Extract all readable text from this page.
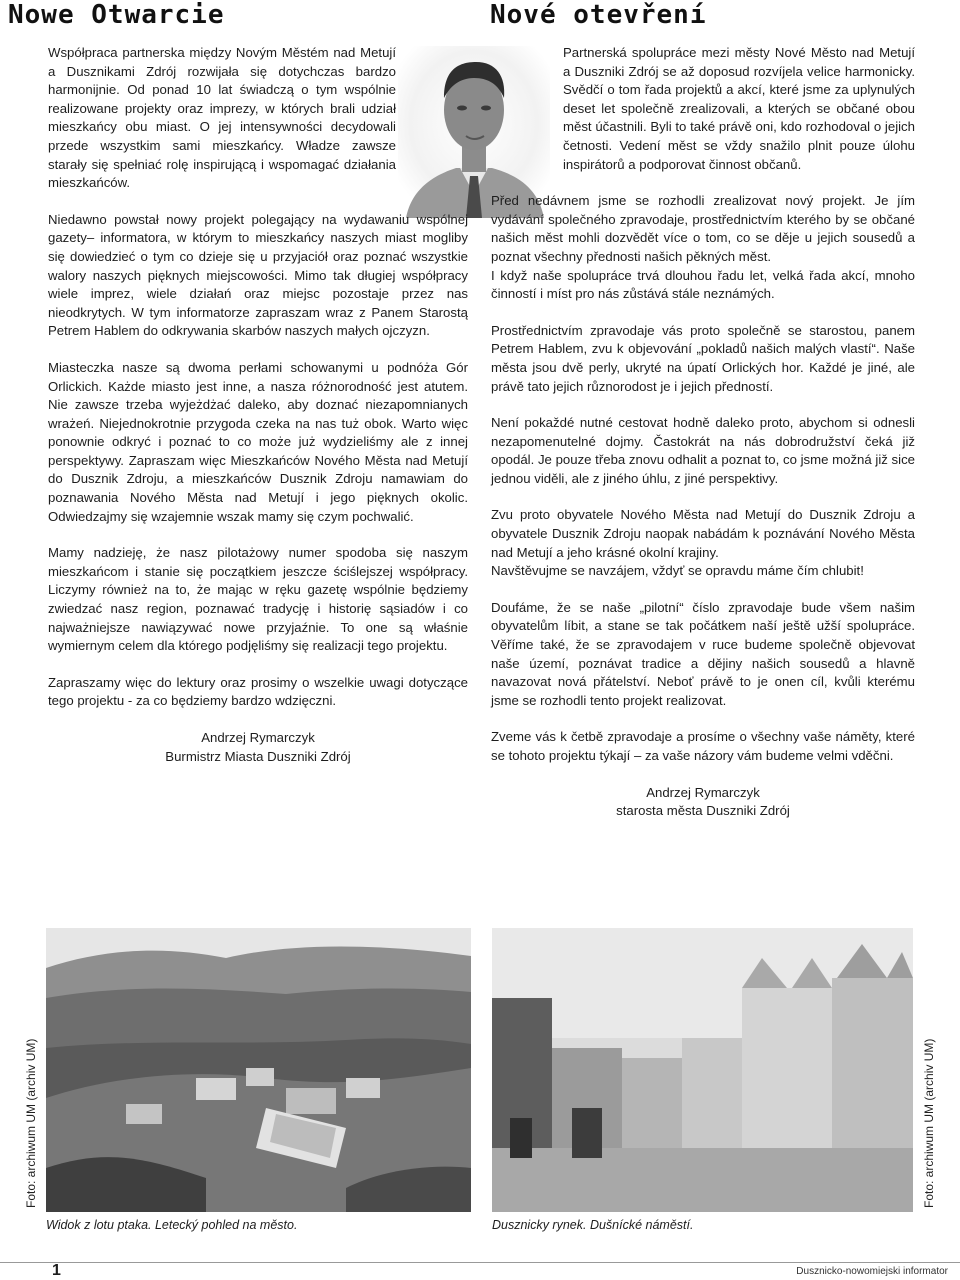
Nowe Otwarcie	Nové otevření

Współpraca partnerska między Novým Městém nad Metují a Dusznikami Zdrój rozwijała się dotychczas bardzo harmonijnie. Od ponad 10 lat świadczą o tym wspólnie realizowane projekty oraz imprezy, w których brali udział mieszkańcy obu miast. O jej intensywności decydowali przede wszystkim sami mieszkańcy. Władze zawsze starały się spełniać rolę inspirującą i wspomagać działania mieszkańców.

Niedawno powstał nowy projekt polegający na wydawaniu wspólnej gazety– informatora, w którym to mieszkańcy naszych miast mogliby się dowiedzieć o tym co dzieje się u przyjaciół oraz poznać wszystkie walory naszych pięknych miejscowości. Mimo tak długiej współpracy wiele imprez, wiele działań oraz miejsc pozostaje przez nas nieodkrytych. W tym informatorze zapraszam wraz z Panem Starostą Petrem Hablem do odkrywania skarbów naszych małych ojczyzn.

Miasteczka nasze są dwoma perłami schowanymi u podnóża Gór Orlickich. Każde miasto jest inne, a nasza różnorodność jest atutem. Nie zawsze trzeba wyjeżdżać daleko, aby doznać niezapomnianych wrażeń. Niejednokrotnie przygoda czeka na nas tuż obok. Warto więc ponownie odkryć i poznać to co może już wydzieliśmy ale z innej perspektywy. Zapraszam więc Mieszkańców Nového Města nad Metují do Dusznik Zdroju, a mieszkańców Dusznik Zdroju namawiam do poznawania Nového Města nad Metují i jego pięknych okolic. Odwiedzajmy się wzajemnie wszak mamy się czym pochwalić.

Mamy nadzieję, że nasz pilotażowy numer spodoba się naszym mieszkańcom i stanie się początkiem jeszcze ściślejszej współpracy. Liczymy również na to, że mając w ręku gazetę wspólnie będziemy zwiedzać nasz region, poznawać tradycję i historię sąsiadów i co najważniejsze nawiązywać nowe przyjaźnie. To one są właśnie wymiernym celem dla którego podjęliśmy się realizacji tego projektu.

Zapraszamy więc do lektury oraz prosimy o wszelkie uwagi dotyczące tego projektu - za co będziemy bardzo wdzięczni.

Andrzej Rymarczyk
Burmistrz Miasta Duszniki Zdrój

Partnerská spolupráce mezi městy Nové Město nad Metují a Duszniki Zdrój se až doposud rozvíjela velice harmonicky. Svědčí o tom řada projektů a akcí, které jsme za uplynulých deset let společně zrealizovali, a kterých se občané obou měst účastnili. Byli to také právě oni, kdo rozhodoval o jejich četnosti. Vedení měst se vždy snažilo plnit pouze úlohu inspirátorů a podporovat činnost občanů.

Před nedávnem jsme se rozhodli zrealizovat nový projekt. Je jím vydávání společného zpravodaje, prostřednictvím kterého by se občané našich měst mohli dozvědět více o tom, co se děje u jejich sousedů a poznat všechny přednosti našich pěkných měst.

I když naše spolupráce trvá dlouhou řadu let, velká řada akcí, mnoho činností i míst pro nás zůstává stále neznámých.

Prostřednictvím zpravodaje vás proto společně se starostou, panem Petrem Hablem, zvu k objevování „pokladů našich malých vlastí“. Naše města jsou dvě perly, ukryté na úpatí Orlických hor. Každé je jiné, ale právě tato jejich různorodost je i jejich předností.

Není pokaždé nutné cestovat hodně daleko proto, abychom si odnesli nezapomenutelné dojmy. Častokrát na nás dobrodružství čeká již opodál. Je pouze třeba znovu odhalit a poznat to, co jsme možná již sice jednou viděli, ale z jiného úhlu, z jiné perspektivy.

Zvu proto obyvatele Nového Města nad Metují do Dusznik Zdroju a obyvatele Dusznik Zdroju naopak nabádám k poznávání Nového Města nad Metují a jeho krásné okolní krajiny.

Navštěvujme se navzájem, vždyť se opravdu máme čím chlubit!

Doufáme, že se naše „pilotní“ číslo zpravodaje bude všem našim obyvatelům líbit, a stane se tak počátkem naší ještě užší spolupráce. Věříme také, že se zpravodajem v ruce budeme společně objevovat naše území, poznávat tradice a dějiny našich sousedů a hlavně navazovat nová přátelství. Neboť právě to je onen cíl, kvůli kterému jsme se rozhodli tento projekt realizovat.

Zveme vás k četbě zpravodaje a prosíme o všechny vaše náměty, které se tohoto projektu týkají – za vaše názory vám budeme velmi vděčni.

Andrzej Rymarczyk
starosta města Duszniki Zdrój
Widok z lotu ptaka. Letecký pohled na město.	Dusznicky rynek. Dušnícké náměstí.
Foto: archiwum UM (archiv UM)	Foto: archiwum UM (archiv UM)
1	Dusznicko-nowomiejski informator
